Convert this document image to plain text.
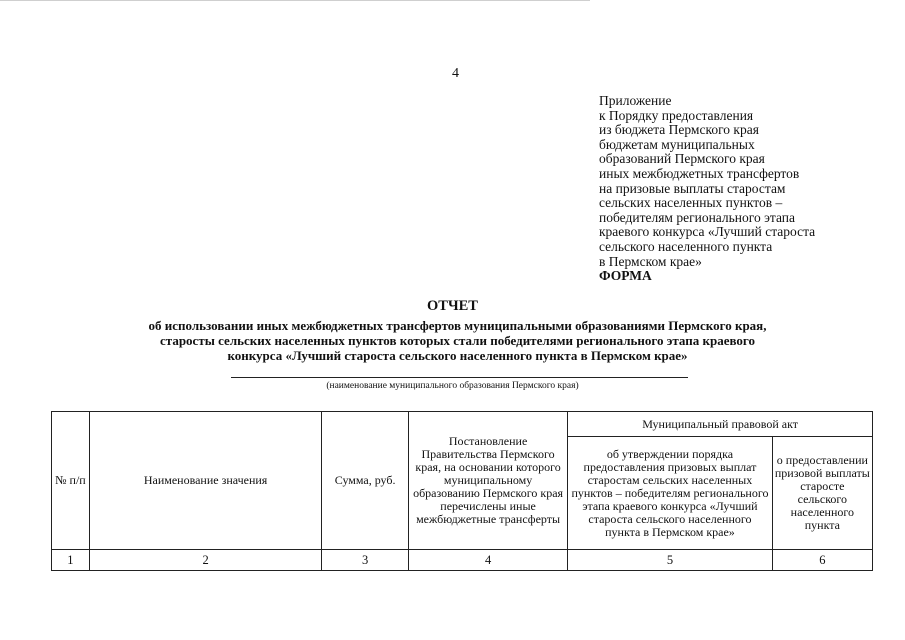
4
Приложение
к Порядку предоставления
из бюджета Пермского края
бюджетам муниципальных
образований Пермского края
иных межбюджетных трансфертов
на призовые выплаты старостам
сельских населенных пунктов –
победителям регионального этапа
краевого конкурса «Лучший староста
сельского населенного пункта
в Пермском крае»
ФОРМА
ОТЧЕТ
об использовании иных межбюджетных трансфертов муниципальными образованиями Пермского края,
старосты сельских населенных пунктов которых стали победителями регионального этапа краевого
конкурса «Лучший староста сельского населенного пункта в Пермском крае»
(наименование муниципального образования Пермского края)
№ п/п	Наименование значения	Сумма, руб.	Постановление Правительства Пермского края, на основании которого муниципальному образованию Пермского края перечислены иные межбюджетные трансферты	Муниципальный правовой акт	
				об утверждении порядка предоставления призовых выплат старостам сельских населенных пунктов – победителям регионального этапа краевого конкурса «Лучший староста сельского населенного пункта в Пермском крае»	о предоставлении призовой выплаты старосте сельского населенного пункта
1	2	3	4	5	6
